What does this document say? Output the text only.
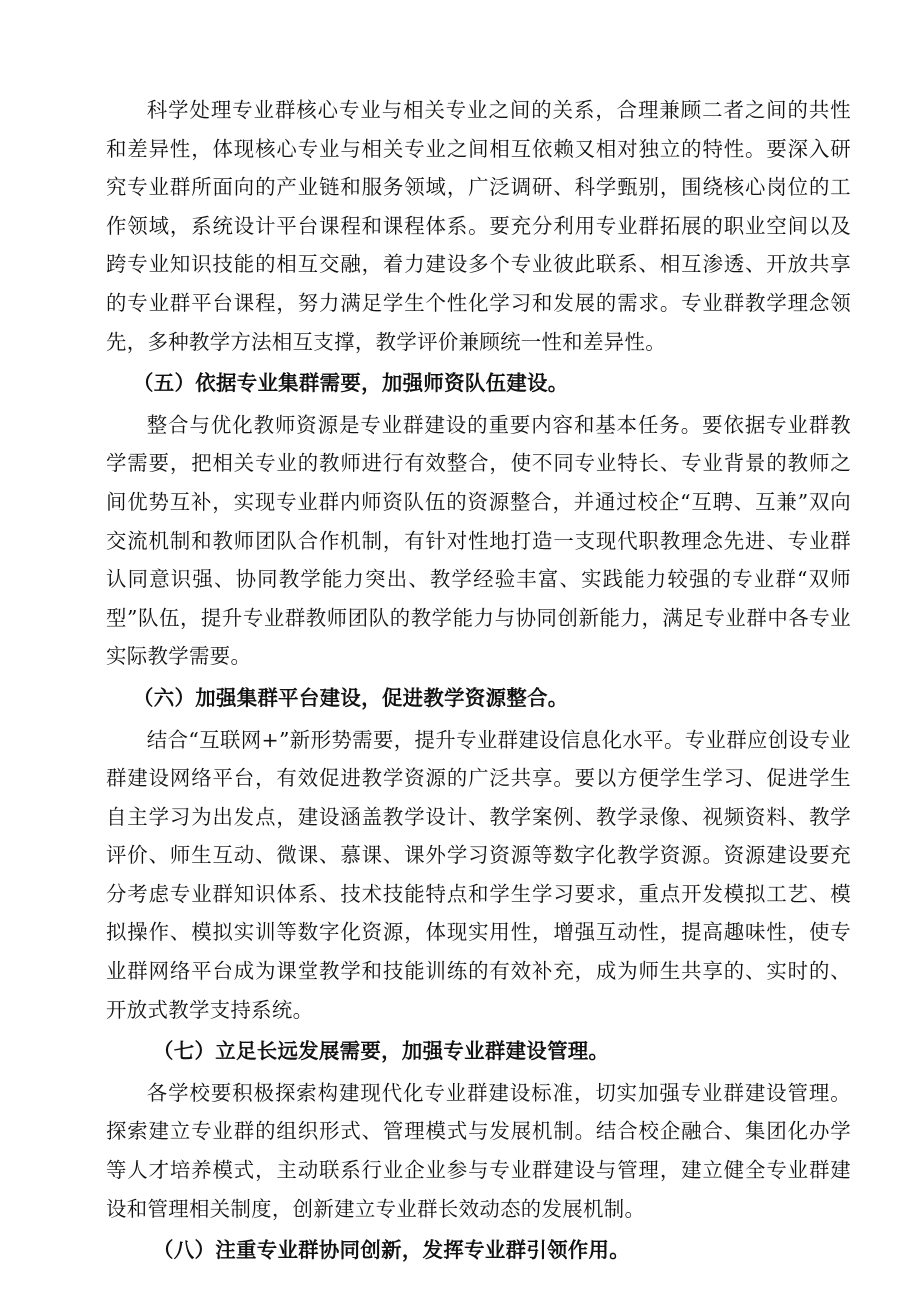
科学处理专业群核心专业与相关专业之间的关系，合理兼顾二者之间的共性和差异性，体现核心专业与相关专业之间相互依赖又相对独立的特性。要深入研究专业群所面向的产业链和服务领域，广泛调研、科学甄别，围绕核心岗位的工作领域，系统设计平台课程和课程体系。要充分利用专业群拓展的职业空间以及跨专业知识技能的相互交融，着力建设多个专业彼此联系、相互渗透、开放共享的专业群平台课程，努力满足学生个性化学习和发展的需求。专业群教学理念领先，多种教学方法相互支撑，教学评价兼顾统一性和差异性。

（五）依据专业集群需要，加强师资队伍建设。

整合与优化教师资源是专业群建设的重要内容和基本任务。要依据专业群教学需要，把相关专业的教师进行有效整合，使不同专业特长、专业背景的教师之间优势互补，实现专业群内师资队伍的资源整合，并通过校企“互聘、互兼”双向交流机制和教师团队合作机制，有针对性地打造一支现代职教理念先进、专业群认同意识强、协同教学能力突出、教学经验丰富、实践能力较强的专业群“双师型”队伍，提升专业群教师团队的教学能力与协同创新能力，满足专业群中各专业实际教学需要。

（六）加强集群平台建设，促进教学资源整合。

结合“互联网+”新形势需要，提升专业群建设信息化水平。专业群应创设专业群建设网络平台，有效促进教学资源的广泛共享。要以方便学生学习、促进学生自主学习为出发点，建设涵盖教学设计、教学案例、教学录像、视频资料、教学评价、师生互动、微课、慕课、课外学习资源等数字化教学资源。资源建设要充分考虑专业群知识体系、技术技能特点和学生学习要求，重点开发模拟工艺、模拟操作、模拟实训等数字化资源，体现实用性，增强互动性，提高趣味性，使专业群网络平台成为课堂教学和技能训练的有效补充，成为师生共享的、实时的、开放式教学支持系统。

（七）立足长远发展需要，加强专业群建设管理。

各学校要积极探索构建现代化专业群建设标准，切实加强专业群建设管理。探索建立专业群的组织形式、管理模式与发展机制。结合校企融合、集团化办学等人才培养模式，主动联系行业企业参与专业群建设与管理，建立健全专业群建设和管理相关制度，创新建立专业群长效动态的发展机制。

（八）注重专业群协同创新，发挥专业群引领作用。
